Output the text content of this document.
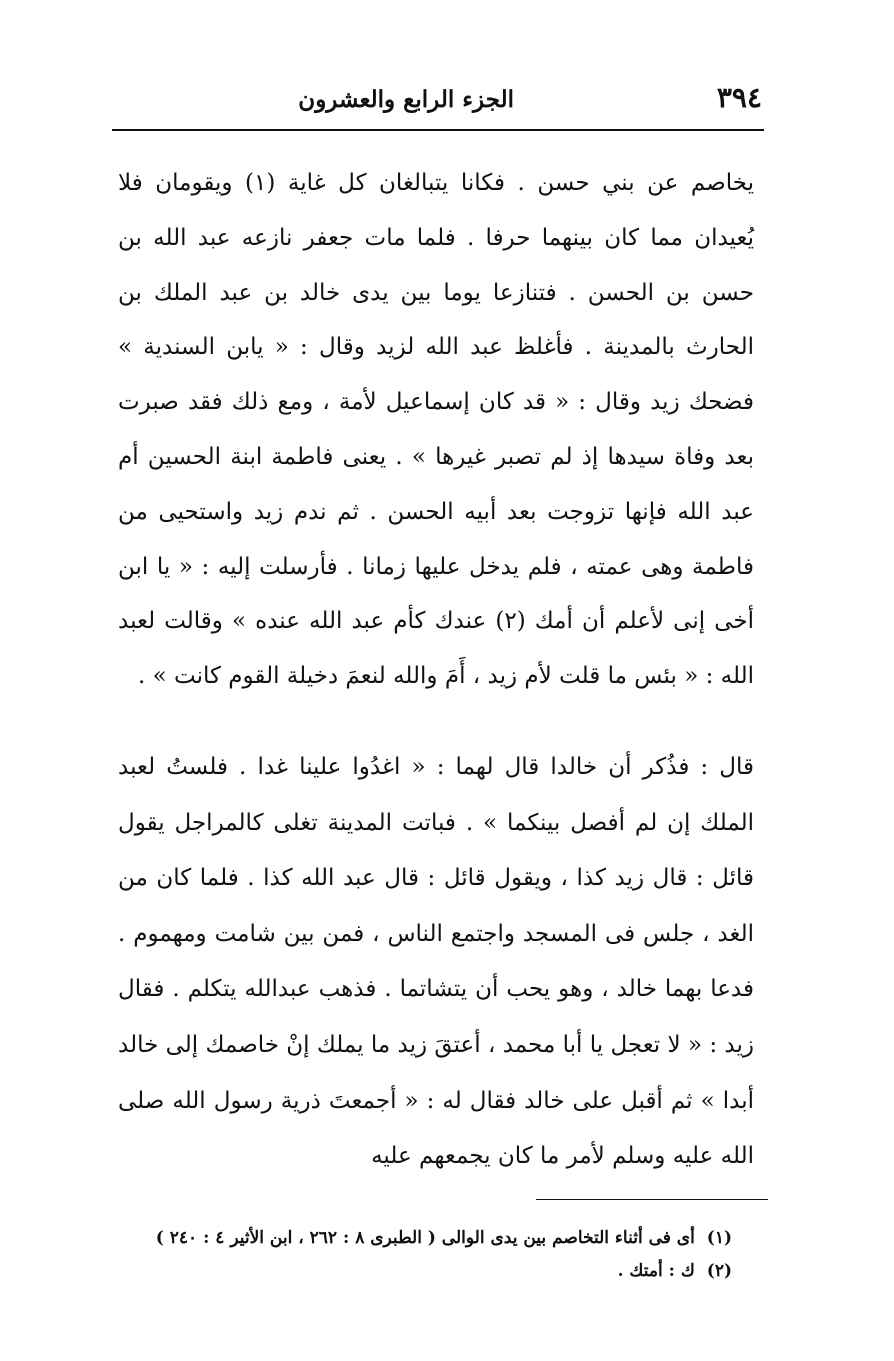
٣٩٤
الجزء الرابع والعشرون

يخاصم عن بني حسن . فكانا يتبالغان كل غاية (١) ويقومان فلا يُعيدان مما كان بينهما حرفا . فلما مات جعفر نازعه عبد الله بن حسن بن الحسن . فتنازعا يوما بين يدى خالد بن عبد الملك بن الحارث بالمدينة . فأغلظ عبد الله لزيد وقال : « يابن السندية » فضحك زيد وقال : « قد كان إسماعيل لأمة ، ومع ذلك فقد صبرت بعد وفاة سيدها إذ لم تصبر غيرها » . يعنى فاطمة ابنة الحسين أم عبد الله فإنها تزوجت بعد أبيه الحسن . ثم ندم زيد واستحيى من فاطمة وهى عمته ، فلم يدخل عليها زمانا . فأرسلت إليه : « يا ابن أخى إنى لأعلم أن أمك (٢) عندك كأم عبد الله عنده » وقالت لعبد الله : « بئس ما قلت لأم زيد ، أَمَ والله لنعمَ دخيلة القوم كانت » .

قال : فذُكر أن خالدا قال لهما : « اغدُوا علينا غدا . فلستُ لعبد الملك إن لم أفصل بينكما » . فباتت المدينة تغلى كالمراجل يقول قائل : قال زيد كذا ، ويقول قائل : قال عبد الله كذا . فلما كان من الغد ، جلس فى المسجد واجتمع الناس ، فمن بين شامت ومهموم . فدعا بهما خالد ، وهو يحب أن يتشاتما . فذهب عبدالله يتكلم . فقال زيد : « لا تعجل يا أبا محمد ، أعتقَ زيد ما يملك إنْ خاصمك إلى خالد أبدا » ثم أقبل على خالد فقال له : « أجمعتَ ذرية رسول الله صلى الله عليه وسلم لأمر ما كان يجمعهم عليه

(١) أى فى أثناء التخاصم بين يدى الوالى ( الطبرى ٨ : ٢٦٢ ، ابن الأثير ٤ : ٢٤٠ )
(٢) ك : أمتك .
